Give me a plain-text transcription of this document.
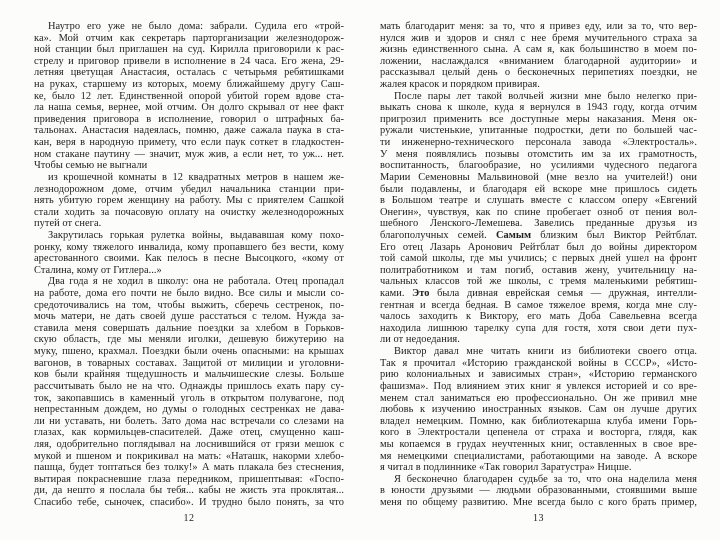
Наутро его уже не было дома: забрали. Судила его «трой-
ка». Мой отчим как секретарь парторганизации железнодорож-
ной станции был приглашен на суд. Кирилла приговорили к рас-
стрелу и приговор привели в исполнение в 24 часа. Его жена, 29-
летняя цветущая Анастасия, осталась с четырьмя ребятишками
на руках, старшему из которых, моему ближайшему другу Саш-
ке, было 12 лет. Единственной опорой убитой горем вдове ста-
ла наша семья, вернее, мой отчим. Он долго скрывал от нее факт
приведения приговора в исполнение, говорил о штрафных ба-
тальонах. Анастасия надеялась, помню, даже сажала паука в ста-
кан, веря в народную примету, что если паук соткет в гладкостен-
ном стакане паутину — значит, муж жив, а если нет, то уж... нет.
Чтобы семью не выгнали
из крошечной комнаты в 12 квадратных метров в нашем же-
лезнодорожном доме, отчим убедил начальника станции при-
нять убитую горем женщину на работу. Мы с приятелем Сашкой
стали ходить за почасовую оплату на очистку железнодорожных
путей от снега.
Закрутилась горькая рулетка войны, выдававшая кому похо-
ронку, кому тяжелого инвалида, кому пропавшего без вести, кому
арестованного своими. Как пелось в песне Высоцкого, «кому от
Сталина, кому от Гитлера...»
Два года я не ходил в школу: она не работала. Отец пропадал
на работе, дома его почти не было видно. Все силы и мысли со-
средоточивались на том, чтобы выжить, сберечь сестренок, по-
мочь матери, не дать своей душе расстаться с телом. Нужда за-
ставила меня совершать дальние поездки за хлебом в Горьков-
скую область, где мы меняли иголки, дешевую бижутерию на
муку, пшено, крахмал. Поездки были очень опасными: на крышах
вагонов, в товарных составах. Защитой от милиции и уголовни-
ков были крайняя тщедушность и мальчишеские слезы. Больше
рассчитывать было не на что. Однажды пришлось ехать пару су-
ток, закопавшись в каменный уголь в открытом полувагоне, под
непрестанным дождем, но думы о голодных сестренках не дава-
ли ни уставать, ни болеть. Зато дома нас встречали со слезами на
глазах, как кормильцев-спасителей. Даже отец, смущенно каш-
ляя, одобрительно поглядывал на лоснившийся от грязи мешок с
мукой и пшеном и покрикивал на мать: «Наташк, накорми хлебо-
пашца, будет топтаться без толку!» А мать плакала без стеснения,
вытирая покрасневшие глаза передником, пришептывая: «Госпо-
ди, да нешто я послала бы тебя... кабы не жисть эта проклятая...
Спасибо тебе, сыночек, спасибо». И трудно было понять, за что
12
мать благодарит меня: за то, что я привез еду, или за то, что вер-
нулся жив и здоров и снял с нее бремя мучительного страха за
жизнь единственного сына. А сам я, как большинство в моем по-
ложении, наслаждался «вниманием благодарной аудитории» и
рассказывал целый день о бесконечных перипетиях поездки, не
жалея красок и порядком привирая.
После пары лет такой волчьей жизни мне было нелегко при-
выкать снова к школе, куда я вернулся в 1943 году, когда отчим
пригрозил применить все доступные меры наказания. Меня ок-
ружали чистенькие, упитанные подростки, дети по большей час-
ти инженерно-технического персонала завода «Электросталь».
У меня появлялись позывы отомстить им за их грамотность,
воспитанность, благообразие, но усилиями чудесного педагога
Марии Семеновны Мальвиновой (мне везло на учителей!) они
были подавлены, и благодаря ей вскоре мне пришлось сидеть
в Большом театре и слушать вместе с классом оперу «Евгений
Онегин», чувствуя, как по спине пробегает озноб от пения вол-
шебного Ленского-Лемешева. Завелись преданные друзья из
благополучных семей. Самым близким был Виктор Рейтблат.
Его отец Лазарь Аронович Рейтблат был до войны директором
той самой школы, где мы учились; с первых дней ушел на фронт
политработником и там погиб, оставив жену, учительницу на-
чальных классов той же школы, с тремя маленькими ребятиш-
ками. Это была дивная еврейская семья — дружная, интелли-
гентная и всегда бедная. В самое тяжелое время, когда мне слу-
чалось заходить к Виктору, его мать Доба Савельевна всегда
находила лишнюю тарелку супа для гостя, хотя свои дети пух-
ли от недоедания.
Виктор давал мне читать книги из библиотеки своего отца.
Так я прочитал «Историю гражданской войны в СССР», «Исто-
рию колониальных и зависимых стран», «Историю германского
фашизма». Под влиянием этих книг я увлекся историей и со вре-
менем стал заниматься ею профессионально. Он же привил мне
любовь к изучению иностранных языков. Сам он лучше других
владел немецким. Помню, как библиотекарша клуба имени Горь-
кого в Электростали цепенела от страха и восторга, глядя, как
мы копаемся в грудах неучтенных книг, оставленных в свое вре-
мя немецкими специалистами, работающими на заводе. А вскоре
я читал в подлиннике «Так говорил Заратустра» Ницше.
Я бесконечно благодарен судьбе за то, что она наделила меня
в юности друзьями — людьми образованными, стоявшими выше
меня по общему развитию. Мне всегда было с кого брать пример,
13
